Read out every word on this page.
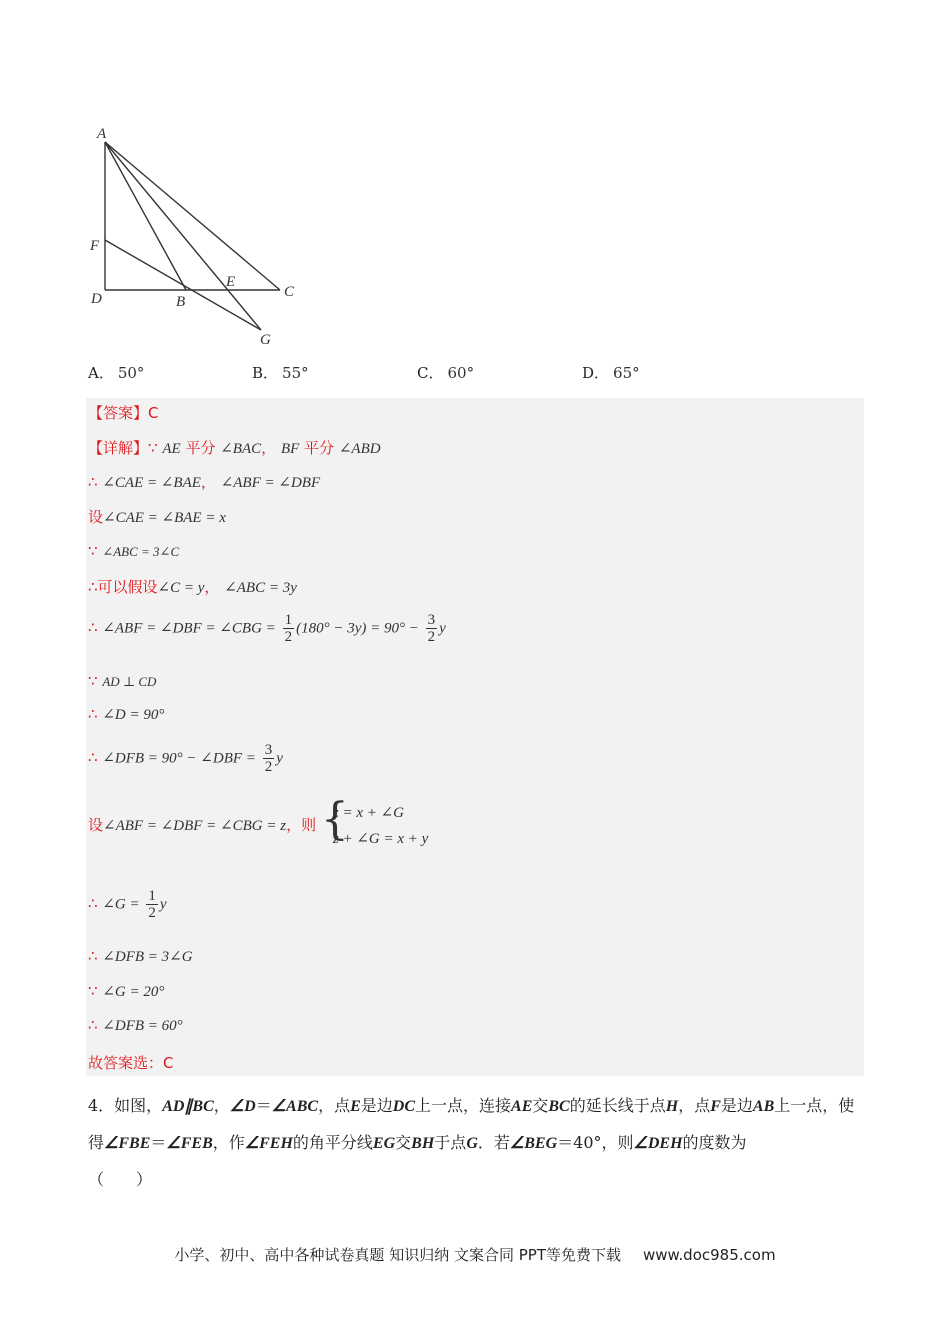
A
F
D	B
E
C
G
A． 50°	B． 55°	C． 60°	D． 65°
【答案】C
【详解】∵ AE 平分 ∠BAC， BF 平分 ∠ABD
∴ ∠CAE = ∠BAE， ∠ABF = ∠DBF
设∠CAE = ∠BAE = x
∵ ∠ABC = 3∠C
∴可以假设∠C = y， ∠ABC = 3y
∴ ∠ABF = ∠DBF = ∠CBG = $\frac{1}{2} (180^\circ - 3y) = 90^\circ - \frac{3}{2}$ y
∵ AD ⊥ CD
∴ ∠D = 90°
∴ ∠DFB = 90° − ∠DBF = $\frac{3}{2}$ y
设∠ABF = ∠DBF = ∠CBG = z，则 {
z = x + ∠G
z + ∠G = x + y
∴ ∠G = $\frac{1}{2}$ y
∴ ∠DFB = 3∠G
∵ ∠G = 20°
∴ ∠DFB = 60°
故答案选：C
4．如图，AD∥BC，∠D＝∠ABC，点E是边DC上一点，连接AE交BC的延长线于点H，点F是边AB上一点，使得∠FBE＝∠FEB，作∠FEH的角平分线EG交BH于点G．若∠BEG＝40°，则∠DEH的度数为
（　　）
小学、初中、高中各种试卷真题 知识归纳 文案合同 PPT等免费下载 www.doc985.com
